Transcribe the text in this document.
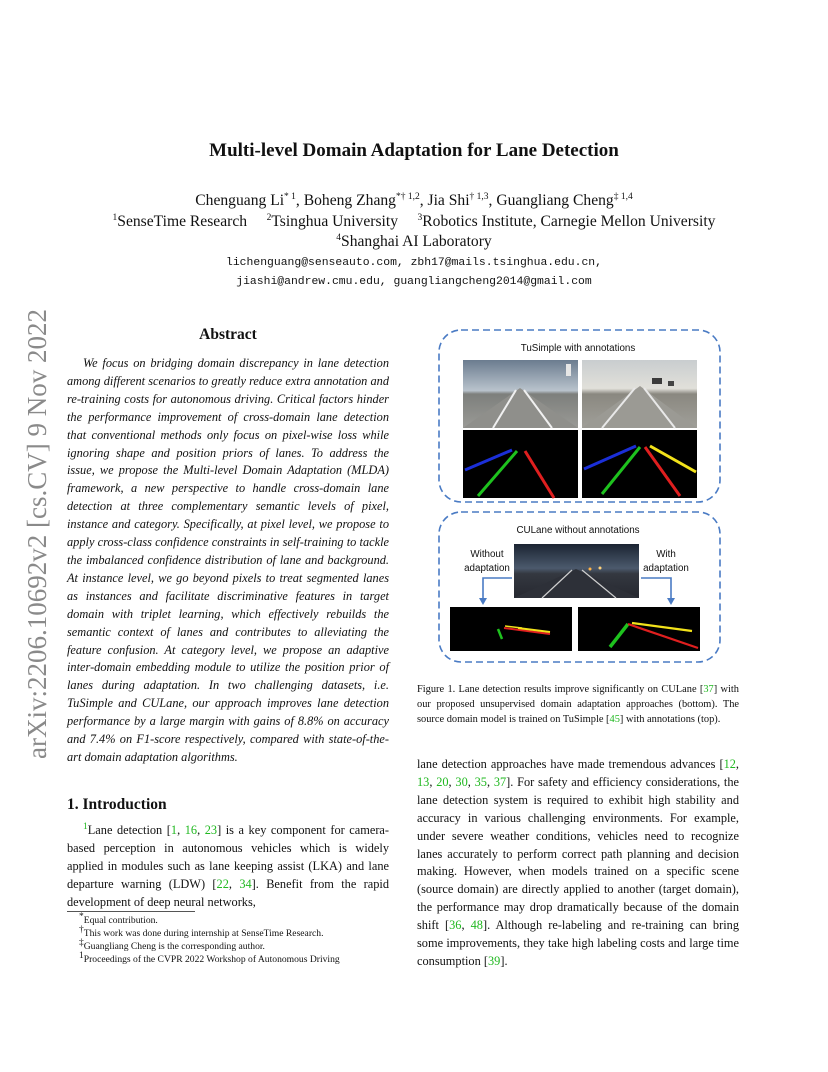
arXiv:2206.10692v2 [cs.CV] 9 Nov 2022
Multi-level Domain Adaptation for Lane Detection
Chenguang Li$^{* 1}$, Boheng Zhang$^{*\dagger 1,2}$, Jia Shi$^{\dagger 1,3}$, Guangliang Cheng$^{\ddagger 1,4}$
$^1$SenseTime Research $^2$Tsinghua University $^3$Robotics Institute, Carnegie Mellon University
$^4$Shanghai AI Laboratory
lichenguang@senseauto.com, zbh17@mails.tsinghua.edu.cn,
jiashi@andrew.cmu.edu, guangliangcheng2014@gmail.com
Abstract
We focus on bridging domain discrepancy in lane detection among different scenarios to greatly reduce extra annotation and re-training costs for autonomous driving. Critical factors hinder the performance improvement of cross-domain lane detection that conventional methods only focus on pixel-wise loss while ignoring shape and position priors of lanes. To address the issue, we propose the Multi-level Domain Adaptation (MLDA) framework, a new perspective to handle cross-domain lane detection at three complementary semantic levels of pixel, instance and category. Specifically, at pixel level, we propose to apply cross-class confidence constraints in self-training to tackle the imbalanced confidence distribution of lane and background. At instance level, we go beyond pixels to treat segmented lanes as instances and facilitate discriminative features in target domain with triplet learning, which effectively rebuilds the semantic context of lanes and contributes to alleviating the feature confusion. At category level, we propose an adaptive inter-domain embedding module to utilize the position prior of lanes during adaptation. In two challenging datasets, i.e. TuSimple and CULane, our approach improves lane detection performance by a large margin with gains of 8.8% on accuracy and 7.4% on F1-score respectively, compared with state-of-the-art domain adaptation algorithms.
1. Introduction
$^1$Lane detection [1, 16, 23] is a key component for camera-based perception in autonomous vehicles which is widely applied in modules such as lane keeping assist (LKA) and lane departure warning (LDW) [22, 34]. Benefit from the rapid development of deep neural networks,
*Equal contribution.
†This work was done during internship at SenseTime Research.
‡Guangliang Cheng is the corresponding author.
$^1$Proceedings of the CVPR 2022 Workshop of Autonomous Driving
TuSimple with annotations
CULane without annotations
Without
adaptation
With
adaptation
Figure 1. Lane detection results improve significantly on CULane [37] with our proposed unsupervised domain adaptation approaches (bottom). The source domain model is trained on TuSimple [45] with annotations (top).
lane detection approaches have made tremendous advances [12, 13, 20, 30, 35, 37]. For safety and efficiency considerations, the lane detection system is required to exhibit high stability and accuracy in various challenging environments. For example, under severe weather conditions, vehicles need to recognize lanes accurately to perform correct path planning and decision making. However, when models trained on a specific scene (source domain) are directly applied to another (target domain), the performance may drop dramatically because of the domain shift [36, 48]. Although re-labeling and re-training can bring some improvements, they take high labeling costs and large time consumption [39].
